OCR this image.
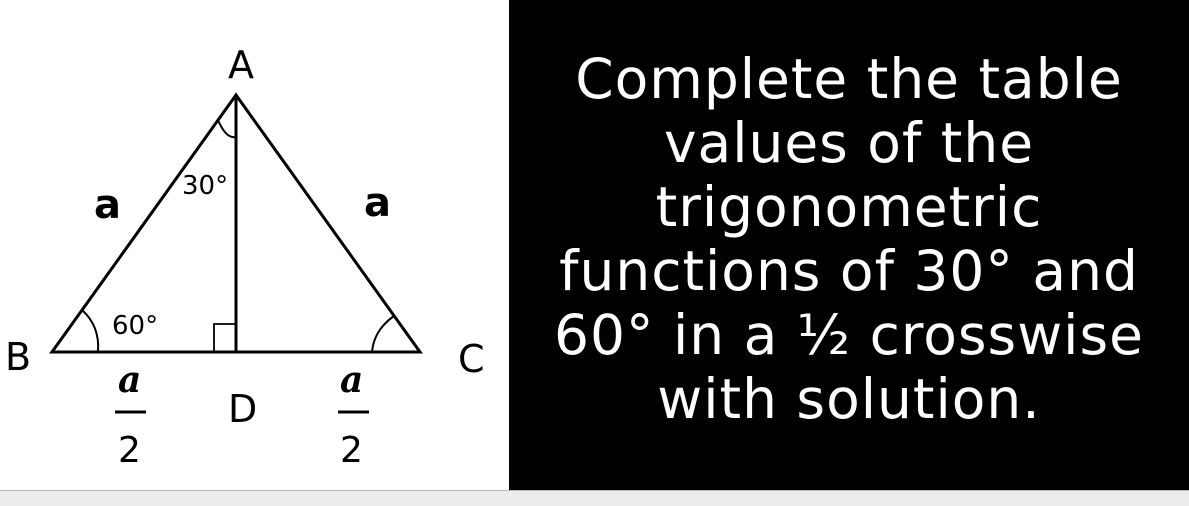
A
B	C
D
a	a
30°
60°
a
2
a
2

Complete the table values of the trigonometric functions of 30° and 60° in a ½ crosswise with solution.
